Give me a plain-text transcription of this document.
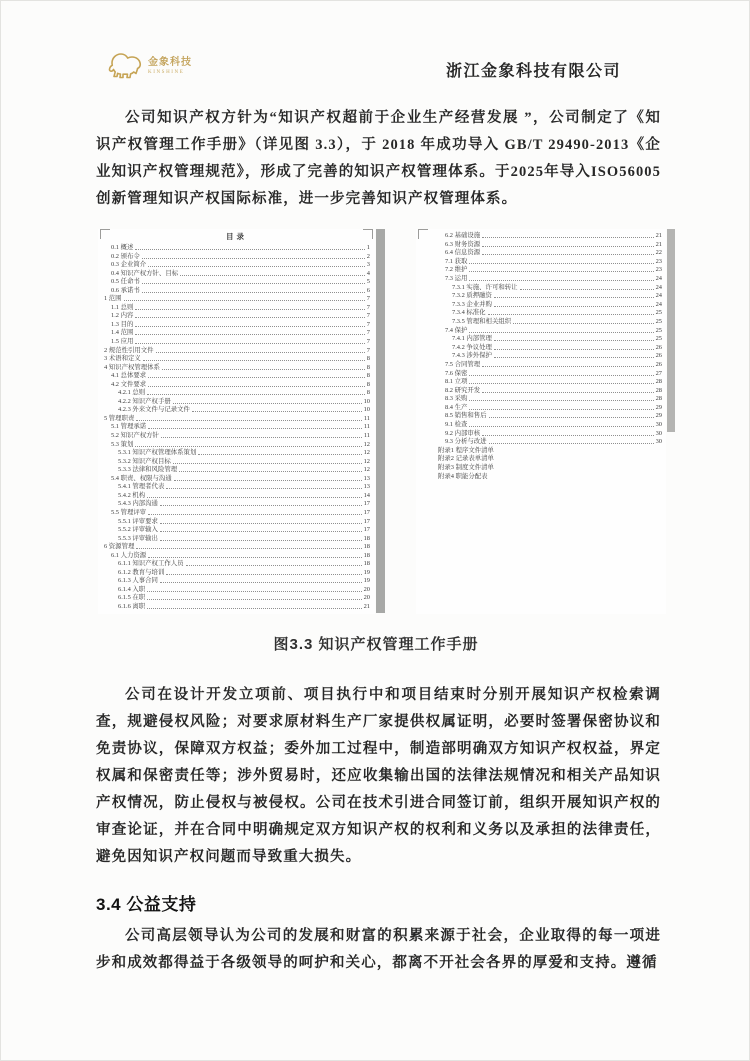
金象科技
KINSHINE	浙江金象科技有限公司
公司知识产权方针为“知识产权超前于企业生产经营发展 ”，公司制定了《知识产权管理工作手册》（详见图 3.3），于 2018 年成功导入 GB/T 29490-2013《企业知识产权管理规范》，形成了完善的知识产权管理体系。于2025年导入ISO56005创新管理知识产权国际标准，进一步完善知识产权管理体系。
目录
0.1 概述	1
0.2 颁布令	2
0.3 企业简介	3
0.4 知识产权方针、目标	4
0.5 任命书	5
0.6 承诺书	6
1 范围	7
1.1 总则	7
1.2 内容	7
1.3 目的	7
1.4 范围	7
1.5 应用	7
2 规范性引用文件	7
3 术语和定义	8
4 知识产权管理体系	8
4.1 总体要求	8
4.2 文件要求	8
4.2.1 总则	8
4.2.2 知识产权手册	10
4.2.3 外来文件与记录文件	10
5 管理职责	11
5.1 管理承诺	11
5.2 知识产权方针	11
5.3 策划	12
5.3.1 知识产权管理体系策划	12
5.3.2 知识产权目标	12
5.3.3 法律和风险管理	12
5.4 职责、权限与沟通	13
5.4.1 管理者代表	13
5.4.2 机构	14
5.4.3 内部沟通	17
5.5 管理评审	17
5.5.1 评审要求	17
5.5.2 评审输入	17
5.5.3 评审输出	18
6 资源管理	18
6.1 人力资源	18
6.1.1 知识产权工作人员	18
6.1.2 教育与培训	19
6.1.3 人事合同	19
6.1.4 入职	20
6.1.5 在职	20
6.1.6 离职	21
6.2 基础设施	21
6.3 财务资源	21
6.4 信息资源	22
7.1 获取	23
7.2 维护	23
7.3 运用	24
7.3.1 实施、许可和转让	24
7.3.2 质押融资	24
7.3.3 企业并购	24
7.3.4 标准化	25
7.3.5 管理和相关组织	25
7.4 保护	25
7.4.1 内部管理	25
7.4.2 争议处理	26
7.4.3 涉外保护	26
7.5 合同管理	26
7.6 保密	27
8.1 立项	28
8.2 研究开发	28
8.3 采购	28
8.4 生产	29
8.5 销售和售后	29
9.1 检查	30
9.2 内部审核	30
9.3 分析与改进	30
附录1 程序文件清单
附录2 记录表单清单
附录3 制度文件清单
附录4 职能分配表
图3.3 知识产权管理工作手册
公司在设计开发立项前、项目执行中和项目结束时分别开展知识产权检索调查，规避侵权风险；对要求原材料生产厂家提供权属证明，必要时签署保密协议和免责协议，保障双方权益；委外加工过程中，制造部明确双方知识产权权益，界定权属和保密责任等；涉外贸易时，还应收集输出国的法律法规情况和相关产品知识产权情况，防止侵权与被侵权。公司在技术引进合同签订前，组织开展知识产权的审查论证，并在合同中明确规定双方知识产权的权利和义务以及承担的法律责任，避免因知识产权问题而导致重大损失。
3.4 公益支持
公司高层领导认为公司的发展和财富的积累来源于社会，企业取得的每一项进步和成效都得益于各级领导的呵护和关心，都离不开社会各界的厚爱和支持。遵循
